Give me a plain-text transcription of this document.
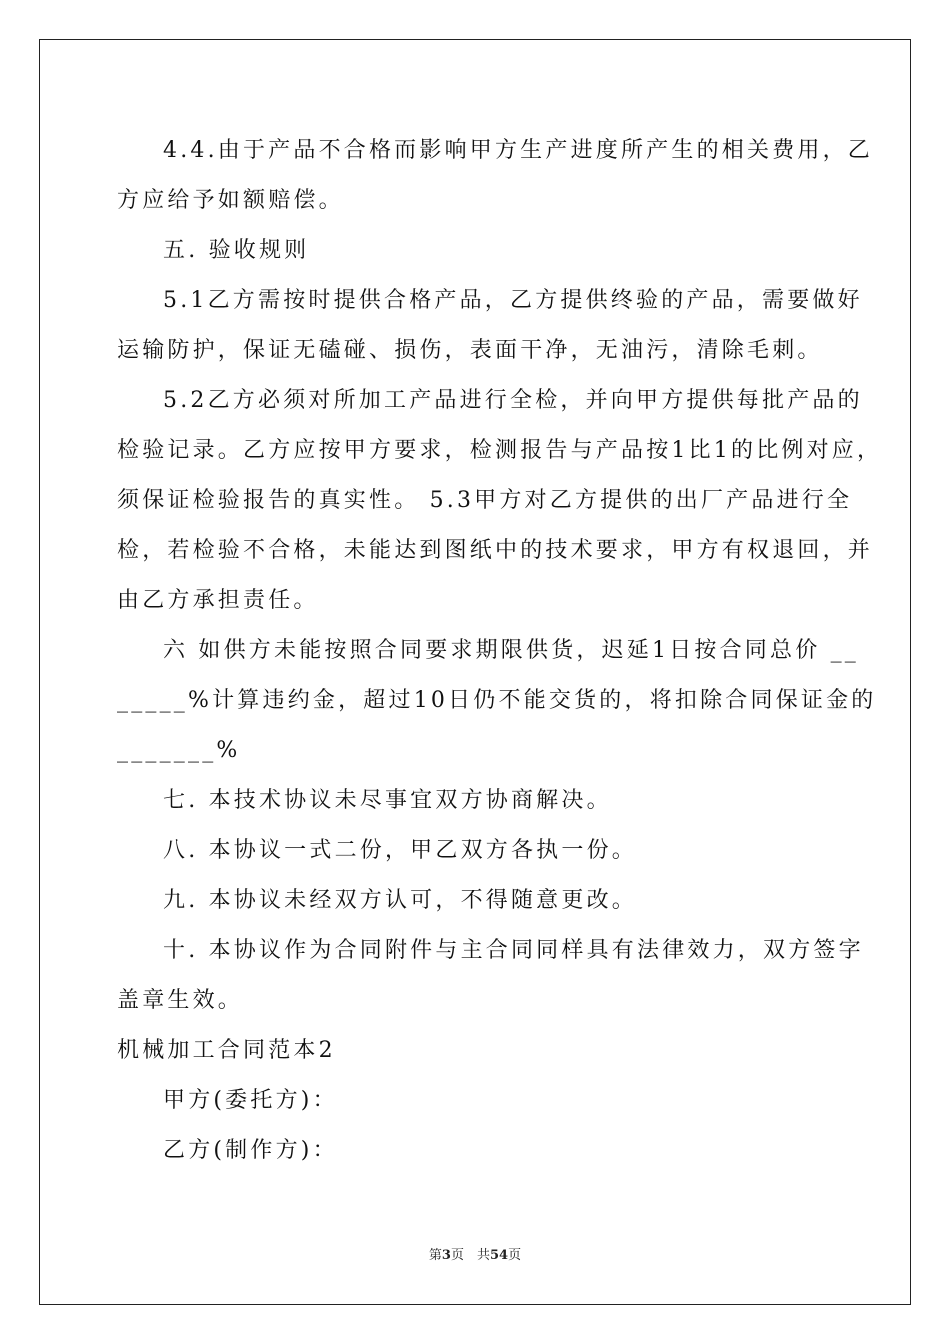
4.4.由于产品不合格而影响甲方生产进度所产生的相关费用，乙
方应给予如额赔偿。
五. 验收规则
5.1乙方需按时提供合格产品，乙方提供终验的产品，需要做好
运输防护，保证无磕碰、损伤，表面干净，无油污，清除毛刺。
5.2乙方必须对所加工产品进行全检，并向甲方提供每批产品的
检验记录。乙方应按甲方要求，检测报告与产品按1比1的比例对应，
须保证检验报告的真实性。 5.3甲方对乙方提供的出厂产品进行全
检，若检验不合格，未能达到图纸中的技术要求，甲方有权退回，并
由乙方承担责任。
六 如供方未能按照合同要求期限供货，迟延1日按合同总价 __
_____%计算违约金，超过10日仍不能交货的，将扣除合同保证金的
_______%
七. 本技术协议未尽事宜双方协商解决。
八. 本协议一式二份，甲乙双方各执一份。
九. 本协议未经双方认可，不得随意更改。
十. 本协议作为合同附件与主合同同样具有法律效力，双方签字
盖章生效。
机械加工合同范本2
甲方(委托方)：
乙方(制作方)：
第3页　共54页
